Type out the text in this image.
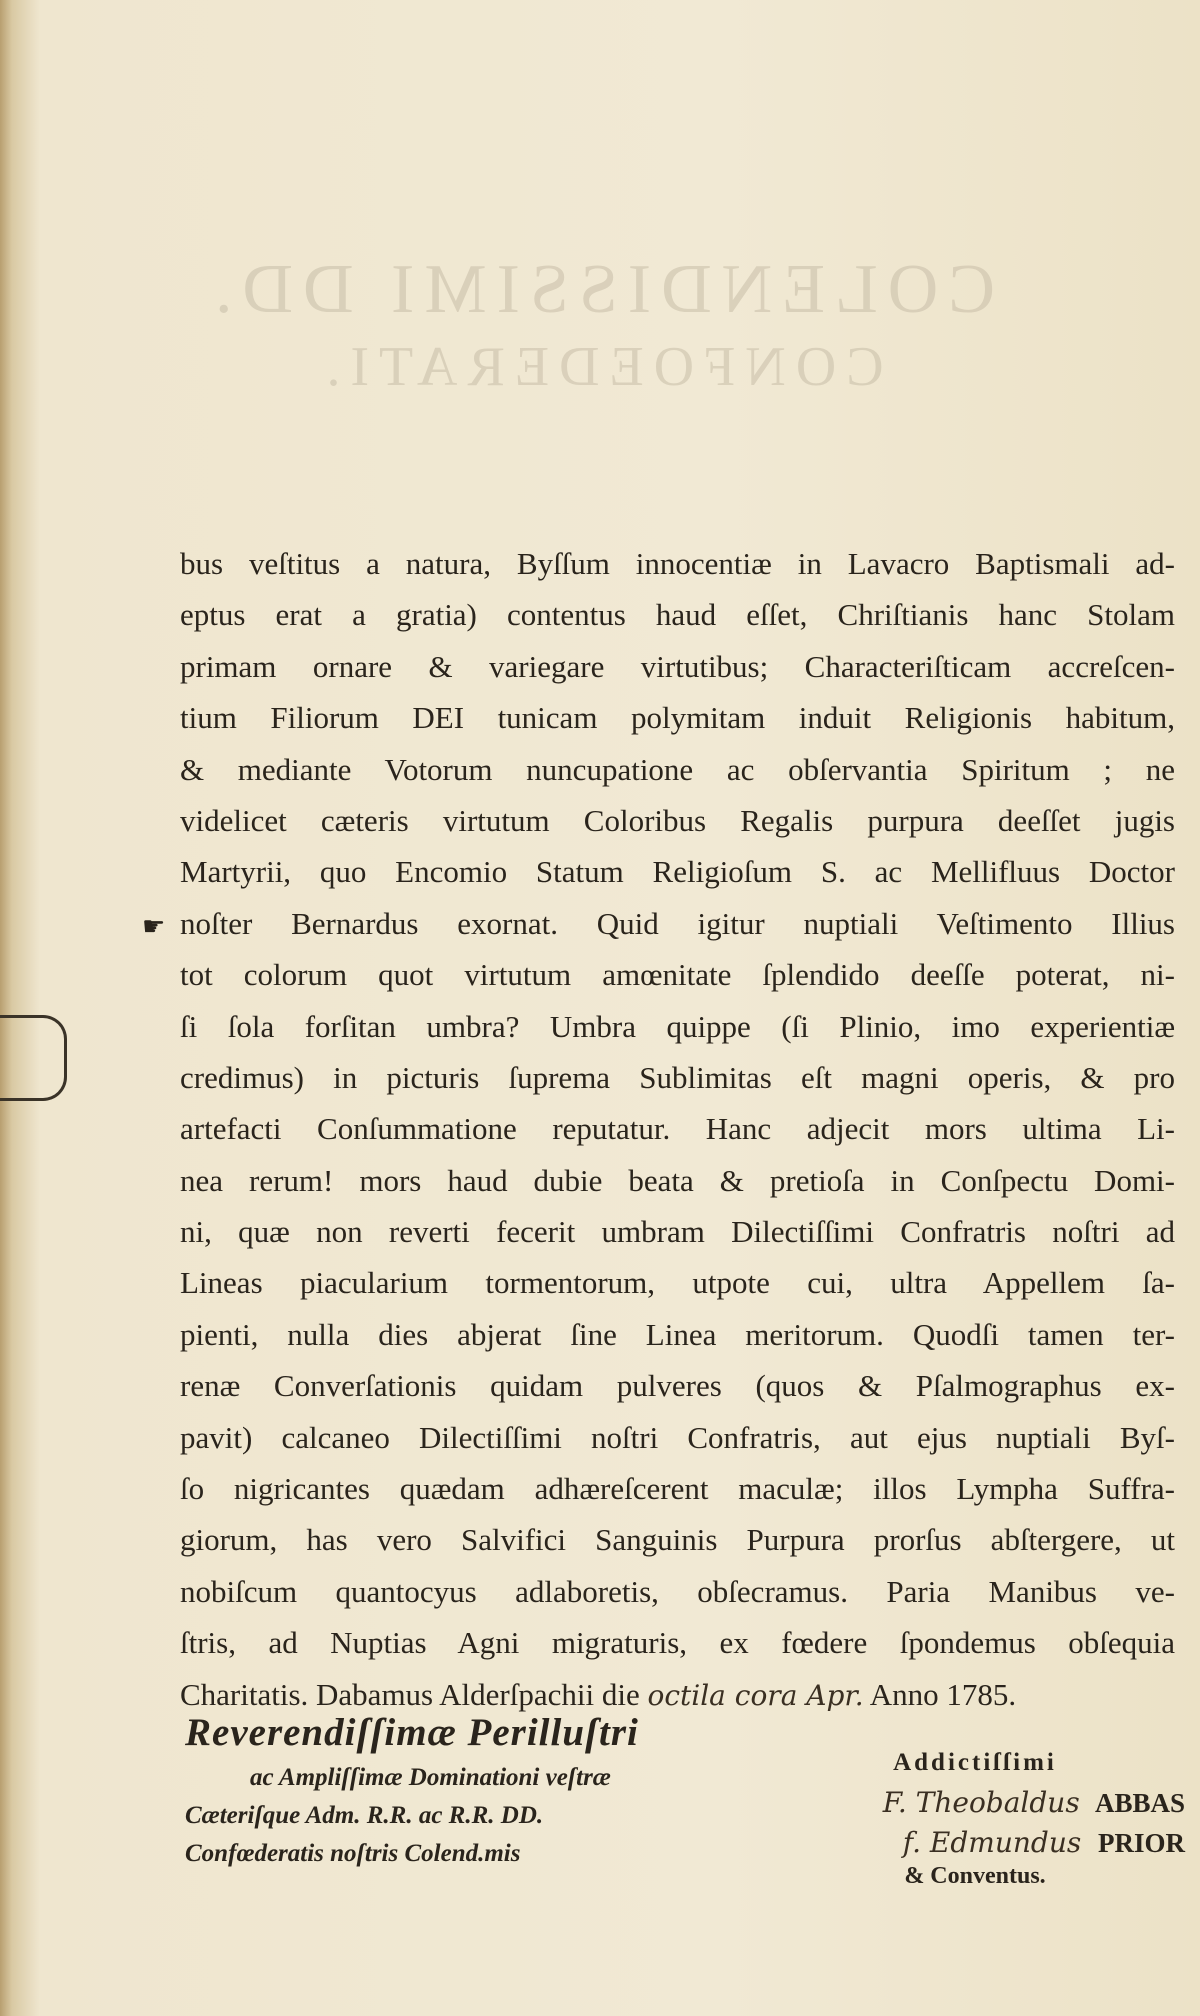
COLENDISSIMI DD.
CONFOEDERATI.
☛
bus veſtitus a natura, Byſſum innocentiæ in Lavacro Baptismali ad-
eptus erat a gratia) contentus haud eſſet, Chriſtianis hanc Stolam
primam ornare & variegare virtutibus; Characteriſticam accreſcen-
tium Filiorum DEI tunicam polymitam induit Religionis habitum,
& mediante Votorum nuncupatione ac obſervantia Spiritum ; ne
videlicet cæteris virtutum Coloribus Regalis purpura deeſſet jugis
Martyrii, quo Encomio Statum Religioſum S. ac Mellifluus Doctor
noſter Bernardus exornat. Quid igitur nuptiali Veſtimento Illius
tot colorum quot virtutum amœnitate ſplendido deeſſe poterat, ni-
ſi ſola forſitan umbra? Umbra quippe (ſi Plinio, imo experientiæ
credimus) in picturis ſuprema Sublimitas eſt magni operis, & pro
artefacti Conſummatione reputatur. Hanc adjecit mors ultima Li-
nea rerum! mors haud dubie beata & pretioſa in Conſpectu Domi-
ni, quæ non reverti fecerit umbram Dilectiſſimi Confratris noſtri ad
Lineas piacularium tormentorum, utpote cui, ultra Appellem ſa-
pienti, nulla dies abjerat ſine Linea meritorum. Quodſi tamen ter-
renæ Converſationis quidam pulveres (quos & Pſalmographus ex-
pavit) calcaneo Dilectiſſimi noſtri Confratris, aut ejus nuptiali Byſ-
ſo nigricantes quædam adhæreſcerent maculæ; illos Lympha Suffra-
giorum, has vero Salvifici Sanguinis Purpura prorſus abſtergere, ut
nobiſcum quantocyus adlaboretis, obſecramus. Paria Manibus ve-
ſtris, ad Nuptias Agni migraturis, ex fœdere ſpondemus obſequia
Charitatis. Dabamus Alderſpachii die octila cora Apr. Anno 1785.
Reverendiſſimæ Perilluſtri
ac Ampliſſimæ Dominationi veſtræ
Cæteriſque Adm. R.R. ac R.R. DD.
Confœderatis noſtris Colend.mis
Addictiſſimi
F. Theobaldus ABBAS
f. Edmundus PRIOR
& Conventus.
